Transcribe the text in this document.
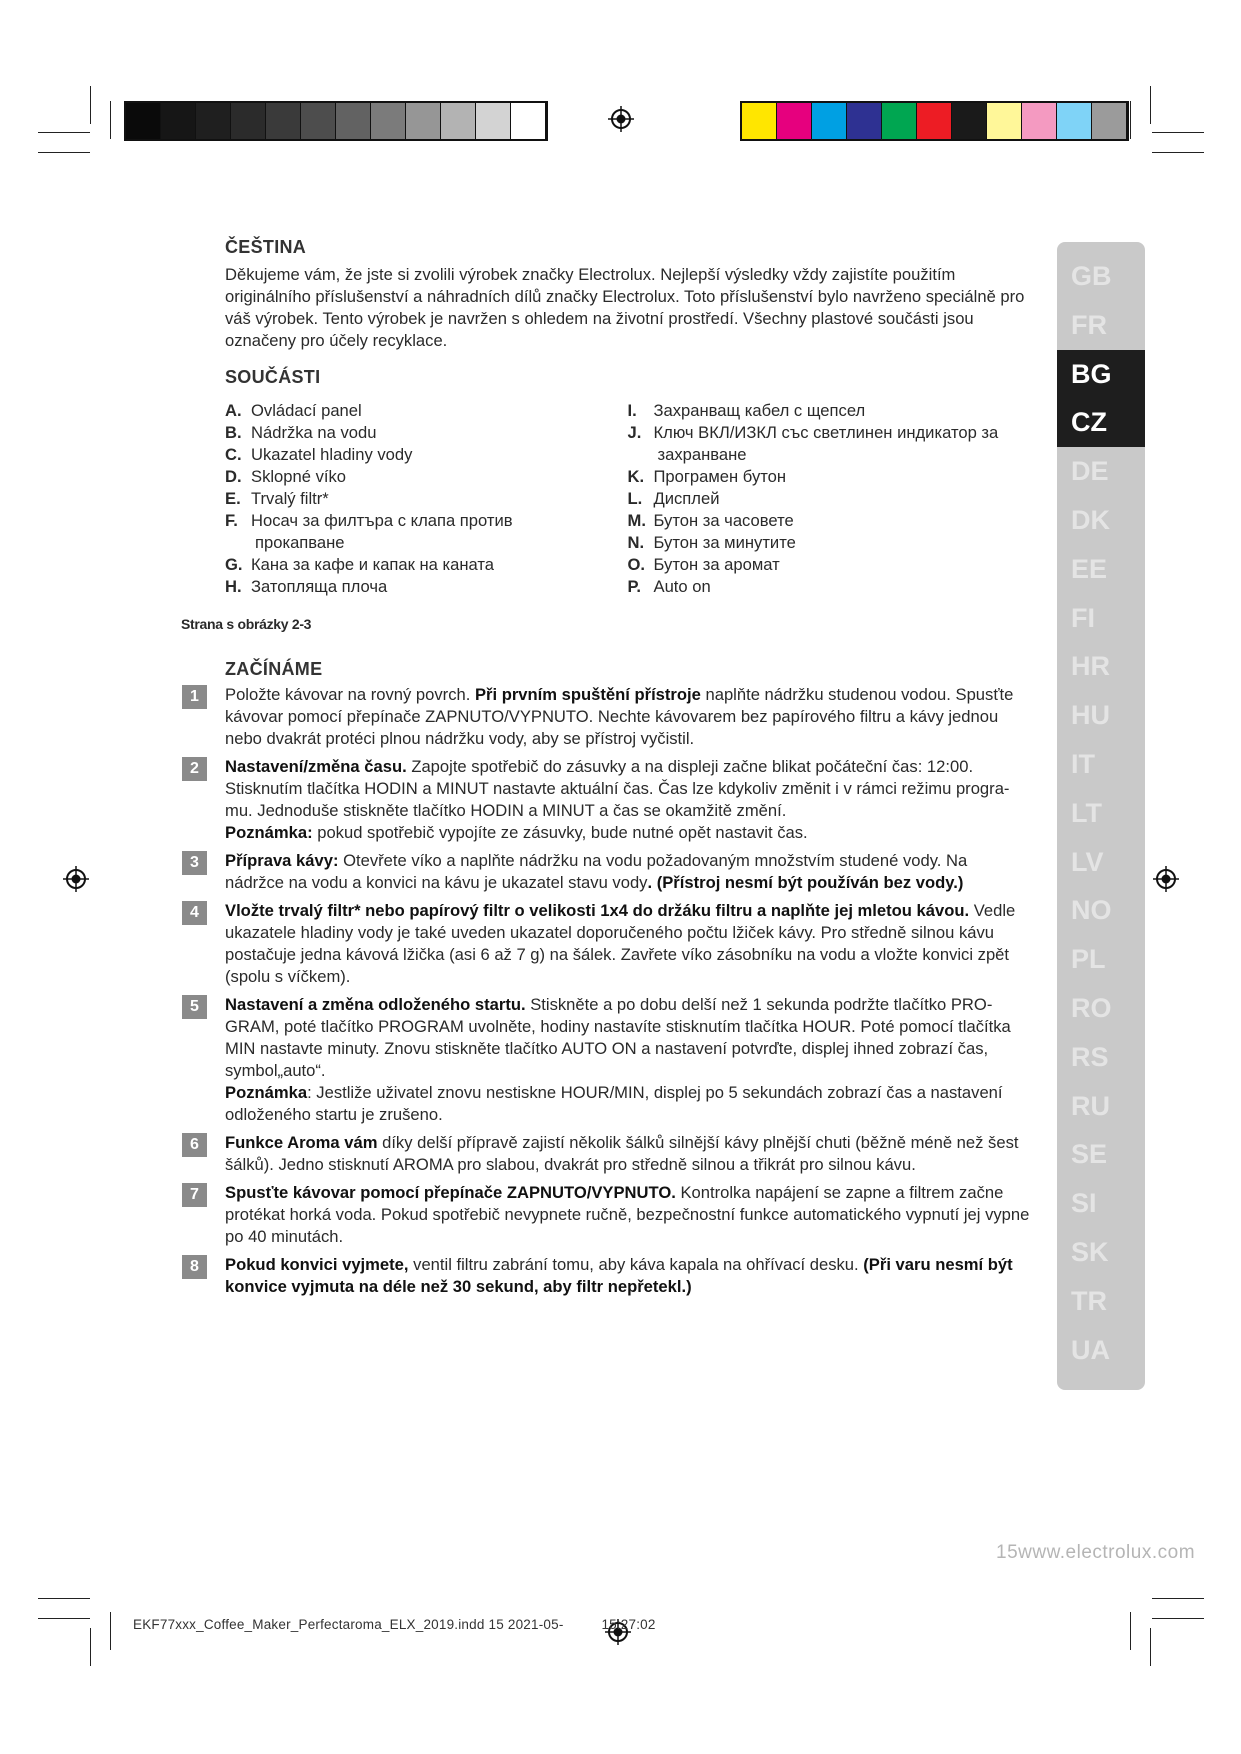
ČEŠTINA

Děkujeme vám, že jste si zvolili výrobek značky Electrolux. Nejlepší výsledky vždy zajistíte použitím originálního příslušenství a náhradních dílů značky Electrolux. Toto příslušenství bylo navrženo speciálně pro váš výrobek. Tento výrobek je navržen s ohledem na životní prostředí. Všechny plastové součásti jsou označeny pro účely recyklace.

SOUČÁSTI
A. Ovládací panel
B. Nádržka na vodu
C. Ukazatel hladiny vody
D. Sklopné víko
E. Trvalý filtr*
F. Носач за филтъра с клапа против
прокапване
G. Кана за кафе и капак на каната
H. Затопляща плоча
I.	Захранващ кабел с щепсел
J. Ключ ВКЛ/ИЗКЛ със светлинен индикатор за
захранване
K. Програмен бутон
L. Дисплей
M. Бутон за часовете
N. Бутон за минутите
O. Бутон за аромат
P. Auto on
Strana s obrázky 2-3
ZAČÍNÁME
1	Položte kávovar na rovný povrch. Při prvním spuštění přístroje naplňte nádržku studenou vodou. Spusťte kávovar pomocí přepínače ZAPNUTO/VYPNUTO. Nechte kávovarem bez papírového filtru a kávy jednou nebo dvakrát protéci plnou nádržku vody, aby se přístroj vyčistil.

2	Nastavení/změna času. Zapojte spotřebič do zásuvky a na displeji začne blikat počáteční čas: 12:00. Stisknutím tlačítka HODIN a MINUT nastavte aktuální čas. Čas lze kdykoliv změnit i v rámci režimu progra-mu. Jednoduše stiskněte tlačítko HODIN a MINUT a čas se okamžitě změní.
Poznámka: pokud spotřebič vypojíte ze zásuvky, bude nutné opět nastavit čas.

3	Příprava kávy: Otevřete víko a naplňte nádržku na vodu požadovaným množstvím studené vody. Na nádržce na vodu a konvici na kávu je ukazatel stavu vody. (Přístroj nesmí být používán bez vody.)

4	Vložte trvalý filtr* nebo papírový filtr o velikosti 1x4 do držáku filtru a naplňte jej mletou kávou. Vedle ukazatele hladiny vody je také uveden ukazatel doporučeného počtu lžiček kávy. Pro středně silnou kávu postačuje jedna kávová lžička (asi 6 až 7 g) na šálek. Zavřete víko zásobníku na vodu a vložte konvici zpět (spolu s víčkem).

5	Nastavení a změna odloženého startu. Stiskněte a po dobu delší než 1 sekunda podržte tlačítko PRO-GRAM, poté tlačítko PROGRAM uvolněte, hodiny nastavíte stisknutím tlačítka HOUR. Poté pomocí tlačítka MIN nastavte minuty. Znovu stiskněte tlačítko AUTO ON a nastavení potvrďte, displej ihned zobrazí čas, symbol„auto“.
Poznámka: Jestliže uživatel znovu nestiskne HOUR/MIN, displej po 5 sekundách zobrazí čas a nastavení odloženého startu je zrušeno.

6	Funkce Aroma vám díky delší přípravě zajistí několik šálků silnější kávy plnější chuti (běžně méně než šest šálků). Jedno stisknutí AROMA pro slabou, dvakrát pro středně silnou a třikrát pro silnou kávu.

7	Spusťte kávovar pomocí přepínače ZAPNUTO/VYPNUTO. Kontrolka napájení se zapne a filtrem začne protékat horká voda. Pokud spotřebič nevypnete ručně, bezpečnostní funkce automatického vypnutí jej vypne po 40 minutách.

8	Pokud konvici vyjmete, ventil filtru zabrání tomu, aby káva kapala na ohřívací desku. (Při varu nesmí být konvice vyjmuta na déle než 30 sekund, aby filtr nepřetekl.)

GB
FR
BG
CZ
DE
DK
EE
FI
HR
HU
IT
LT
LV
NO
PL
RO
RS
RU
SE
SI
SK
TR
UA
15www.electrolux.com
EKF77xxx_Coffee_Maker_Perfectaroma_ELX_2019.indd 15 2021-05-	15:27:02
